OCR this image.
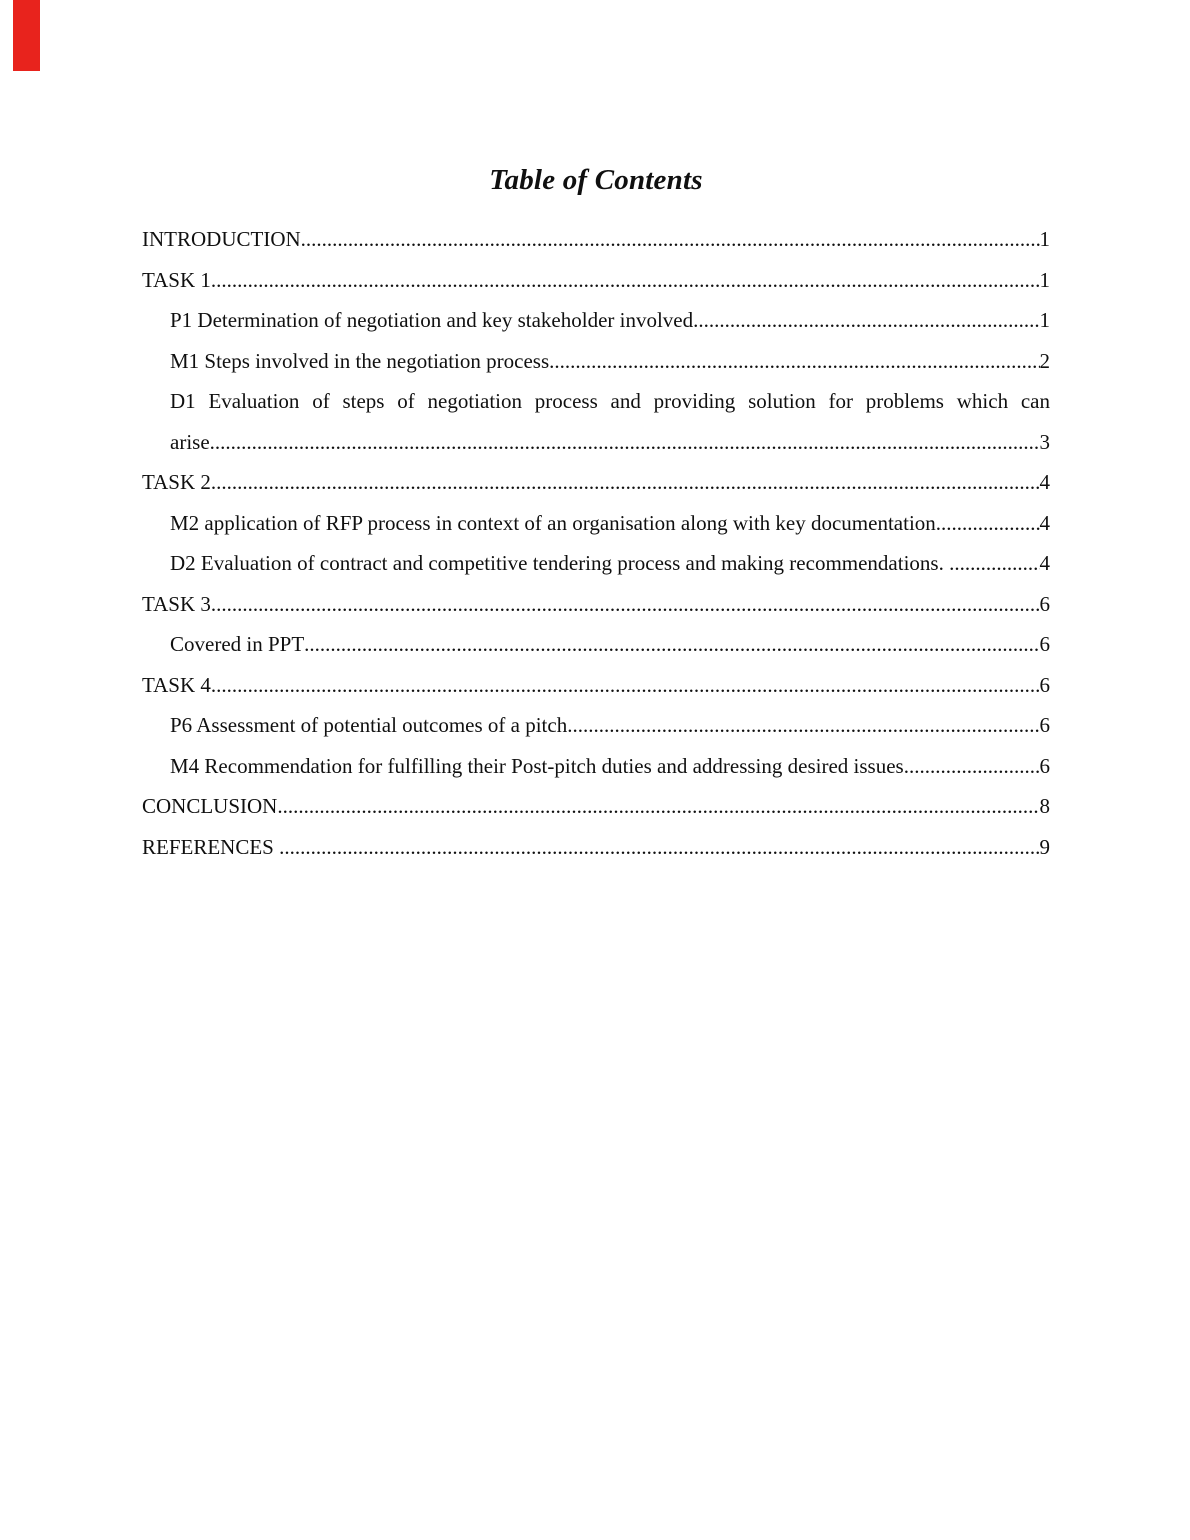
Table of Contents
INTRODUCTION .....	1
TASK 1 .....	1
P1 Determination of negotiation and key stakeholder involved .....	1
M1 Steps involved in the negotiation process .....	2
D1 Evaluation of steps of negotiation process and providing solution for problems which can
arise .....	3
TASK 2 .....	4
M2 application of RFP process in context of an organisation along with key documentation .....	4
D2 Evaluation of contract and competitive tendering process and making recommendations. .....	4
TASK 3 .....	6
Covered in PPT .....	6
TASK 4 .....	6
P6 Assessment of potential outcomes of a pitch .....	6
M4 Recommendation for fulfilling their Post-pitch duties and addressing desired issues .....	6
CONCLUSION .....	8
REFERENCES .....	9
